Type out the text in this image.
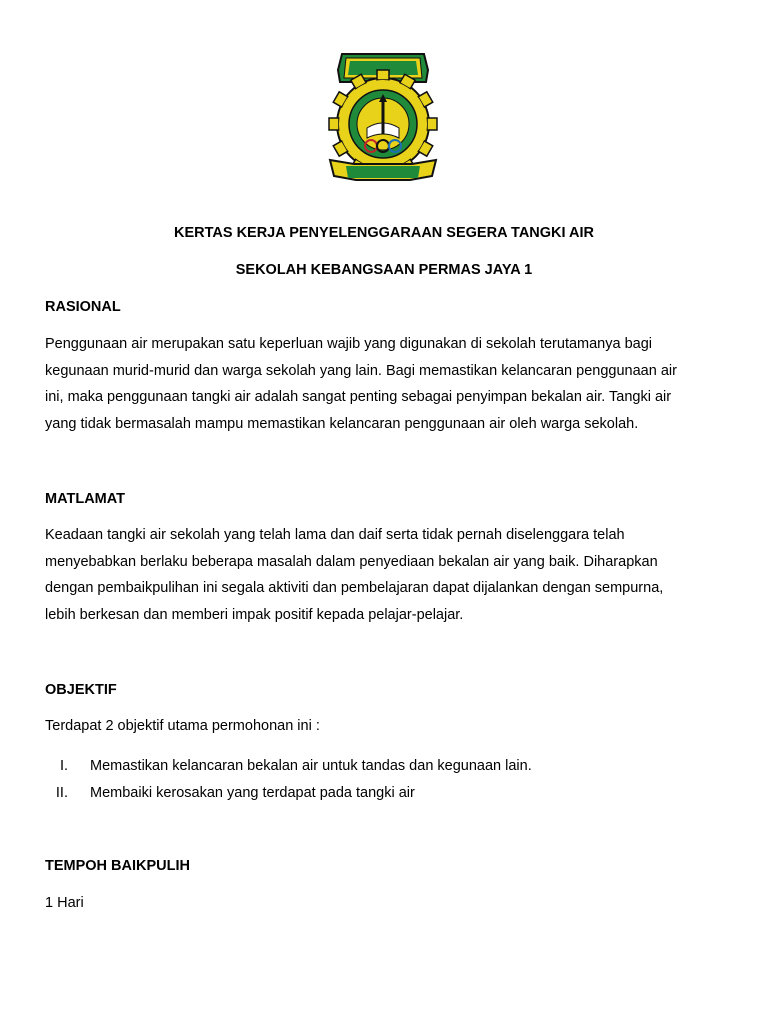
KERTAS KERJA PENYELENGGARAAN SEGERA TANGKI AIR

SEKOLAH KEBANGSAAN PERMAS JAYA 1

RASIONAL

Penggunaan air merupakan satu keperluan wajib yang digunakan di sekolah terutamanya bagi
kegunaan murid-murid dan warga sekolah yang lain. Bagi memastikan kelancaran penggunaan air
ini, maka penggunaan tangki air adalah sangat penting sebagai penyimpan bekalan air. Tangki air
yang tidak bermasalah mampu memastikan kelancaran penggunaan air oleh warga sekolah.

MATLAMAT

Keadaan tangki air sekolah yang telah lama dan daif serta tidak pernah diselenggara telah
menyebabkan berlaku beberapa masalah dalam penyediaan bekalan air yang baik. Diharapkan
dengan pembaikpulihan ini segala aktiviti dan pembelajaran dapat dijalankan dengan sempurna,
lebih berkesan dan memberi impak positif kepada pelajar-pelajar.

OBJEKTIF

Terdapat 2 objektif utama permohonan ini :

I. Memastikan kelancaran bekalan air untuk tandas dan kegunaan lain.
II. Membaiki kerosakan yang terdapat pada tangki air

TEMPOH BAIKPULIH

1 Hari
